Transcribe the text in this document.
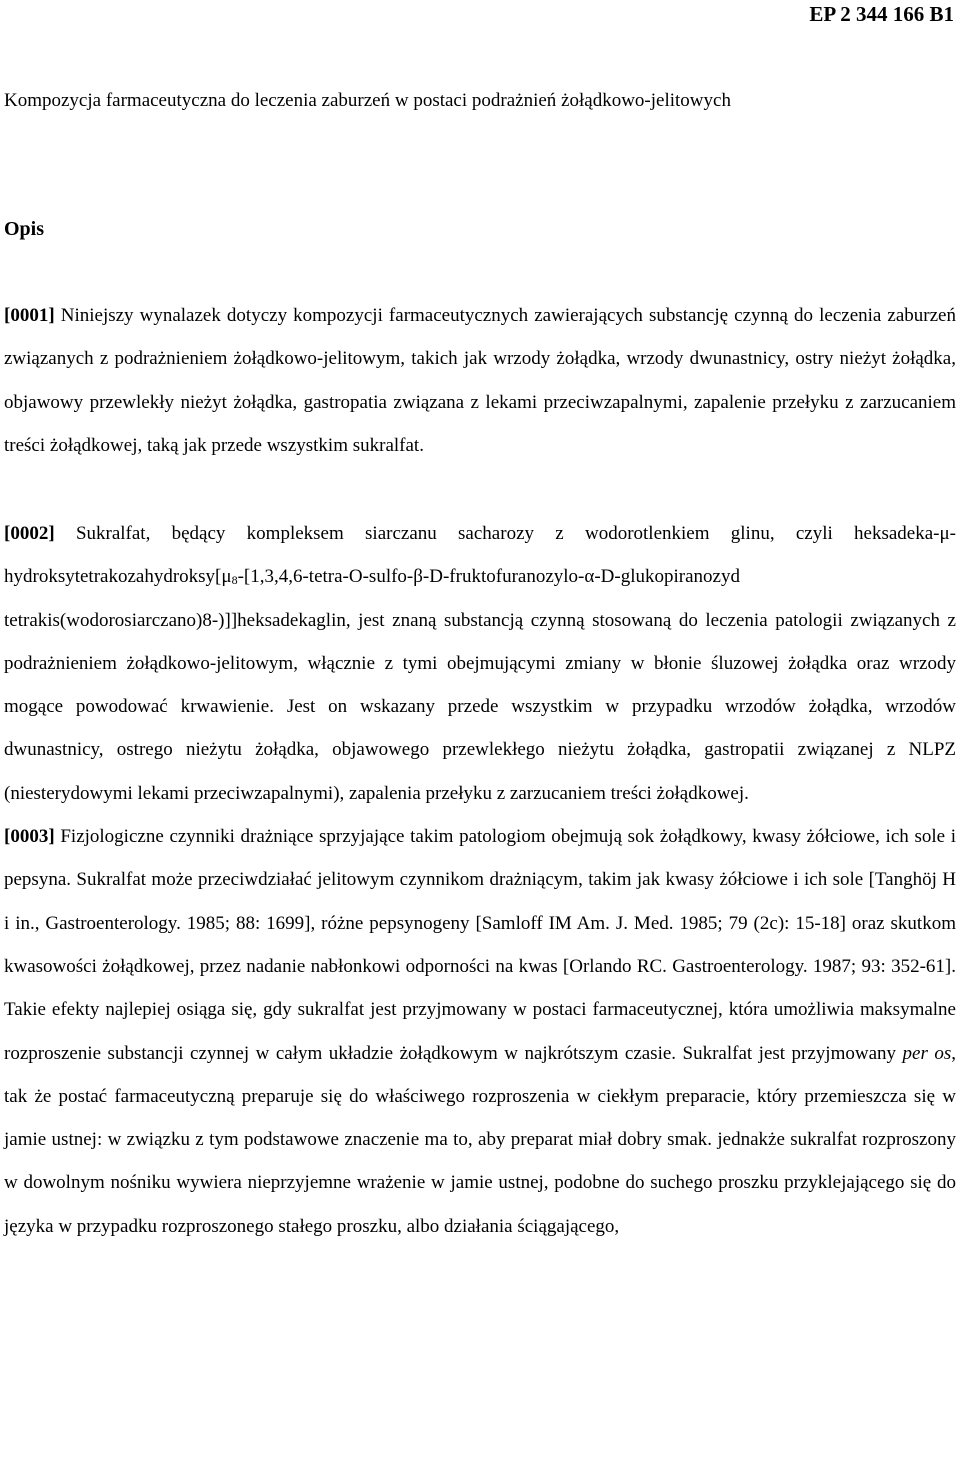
EP 2 344 166 B1
Kompozycja farmaceutyczna do leczenia zaburzeń w postaci podrażnień żołądkowo-jelitowych
Opis

[0001] Niniejszy wynalazek dotyczy kompozycji farmaceutycznych zawierających substancję czynną do leczenia zaburzeń związanych z podrażnieniem żołądkowo-jelitowym, takich jak wrzody żołądka, wrzody dwunastnicy, ostry nieżyt żołądka, objawowy przewlekły nieżyt żołądka, gastropatia związana z lekami przeciwzapalnymi, zapalenie przełyku z zarzucaniem treści żołądkowej, taką jak przede wszystkim sukralfat.

[0002] Sukralfat, będący kompleksem siarczanu sacharozy z wodorotlenkiem glinu, czyli heksadeka-$\mu-hydroksytetrakozahydroksy[\mu_8-[1,3,4,6-tetra-O-sulfo-\beta-D-fruktofuranozylo-\alpha-D$-glukopiranozyd tetrakis(wodorosiarczano)8-)]]heksadekaglin, jest znaną substancją czynną stosowaną do leczenia patologii związanych z podrażnieniem żołądkowo-jelitowym, włącznie z tymi obejmującymi zmiany w błonie śluzowej żołądka oraz wrzody mogące powodować krwawienie. Jest on wskazany przede wszystkim w przypadku wrzodów żołądka, wrzodów dwunastnicy, ostrego nieżytu żołądka, objawowego przewlekłego nieżytu żołądka, gastropatii związanej z NLPZ (niesterydowymi lekami przeciwzapalnymi), zapalenia przełyku z zarzucaniem treści żołądkowej.

[0003] Fizjologiczne czynniki drażniące sprzyjające takim patologiom obejmują sok żołądkowy, kwasy żółciowe, ich sole i pepsyna. Sukralfat może przeciwdziałać jelitowym czynnikom drażniącym, takim jak kwasy żółciowe i ich sole [Tanghöj H i in., Gastroenterology. 1985; 88: 1699], różne pepsynogeny [Samloff IM Am. J. Med. 1985; 79 (2c): 15-18] oraz skutkom kwasowości żołądkowej, przez nadanie nabłonkowi odporności na kwas [Orlando RC. Gastroenterology. 1987; 93: 352-61]. Takie efekty najlepiej osiąga się, gdy sukralfat jest przyjmowany w postaci farmaceutycznej, która umożliwia maksymalne rozproszenie substancji czynnej w całym układzie żołądkowym w najkrótszym czasie. Sukralfat jest przyjmowany per os, tak że postać farmaceutyczną preparuje się do właściwego rozproszenia w ciekłym preparacie, który przemieszcza się w jamie ustnej: w związku z tym podstawowe znaczenie ma to, aby preparat miał dobry smak. jednakże sukralfat rozproszony w dowolnym nośniku wywiera nieprzyjemne wrażenie w jamie ustnej, podobne do suchego proszku przyklejającego się do języka w przypadku rozproszonego stałego proszku, albo działania ściągającego,
